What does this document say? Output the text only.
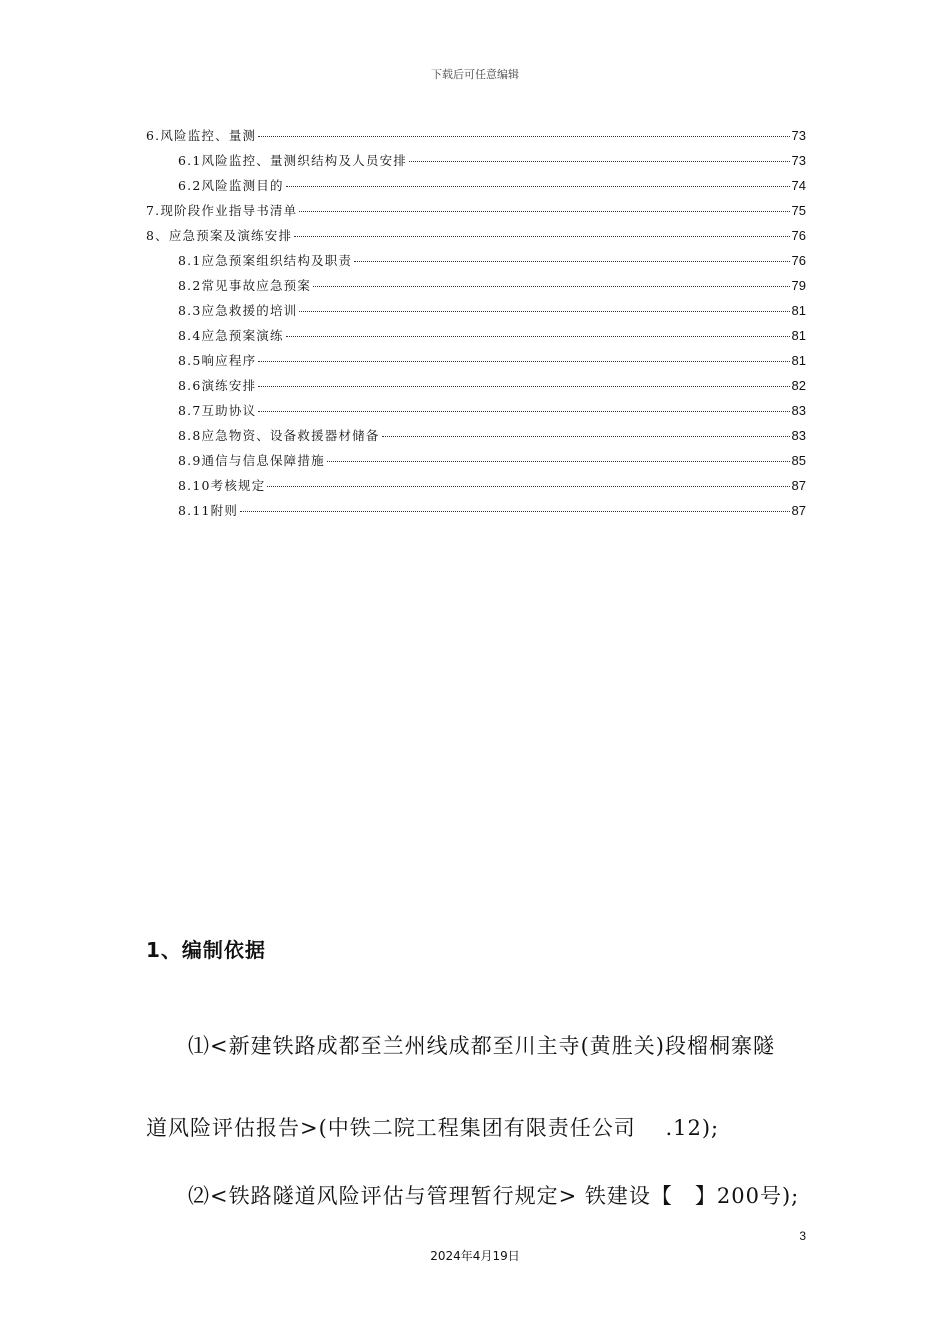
下载后可任意编辑
6.风险监控、量测	73
6.1风险监控、量测织结构及人员安排	73
6.2风险监测目的	74
7.现阶段作业指导书清单	75
8、应急预案及演练安排	76
8.1应急预案组织结构及职责	76
8.2常见事故应急预案	79
8.3应急救援的培训	81
8.4应急预案演练	81
8.5响应程序	81
8.6演练安排	82
8.7互助协议	83
8.8应急物资、设备救援器材储备	83
8.9通信与信息保障措施	85
8.10考核规定	87
8.11附则	87
1、编制依据
⑴<新建铁路成都至兰州线成都至川主寺(黄胜关)段榴桐寨隧
道风险评估报告>(中铁二院工程集团有限责任公司　 .12);
⑵<铁路隧道风险评估与管理暂行规定> 铁建设【　】200号);
3
2024年4月19日
